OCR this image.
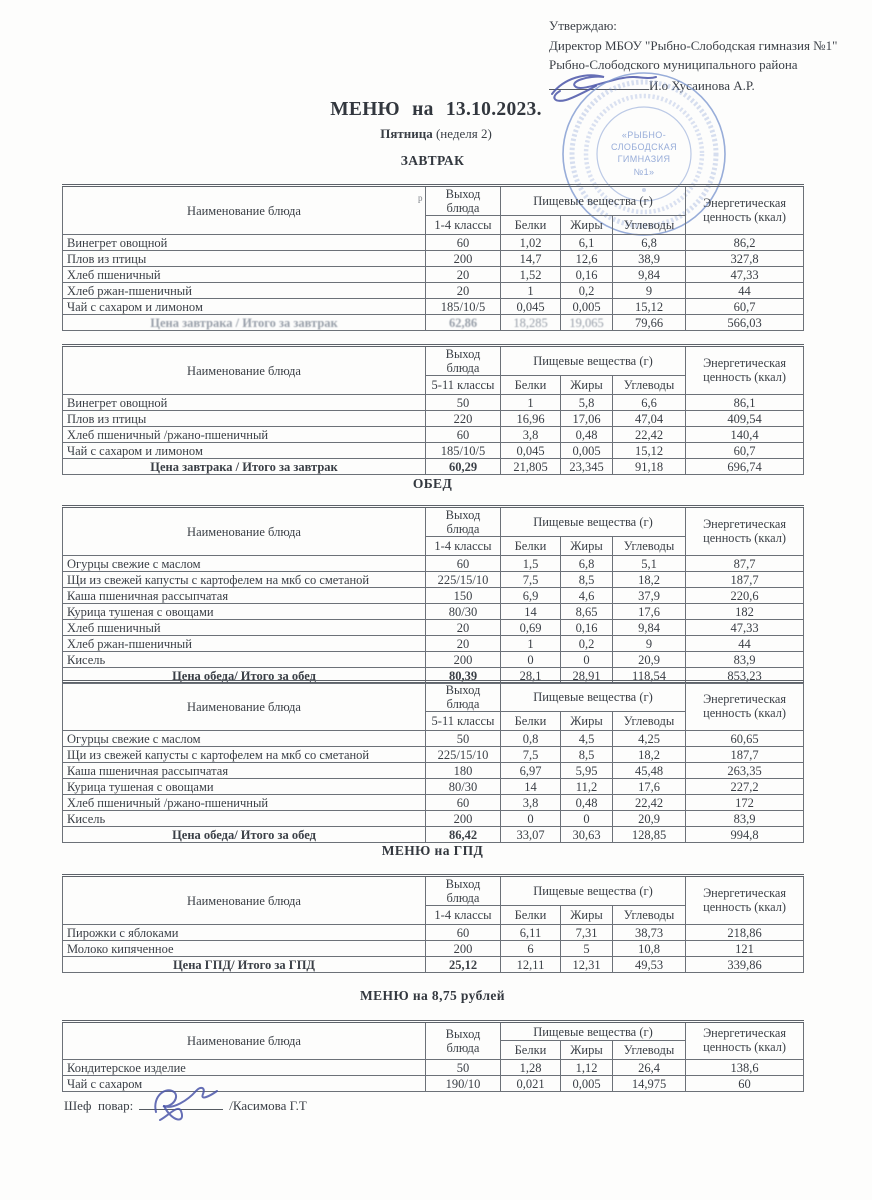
Утверждаю:
Директор МБОУ "Рыбно-Слободская гимназия №1"
Рыбно-Слободского муниципального района
И.о Хусаинова А.Р.
«РЫБНО-
СЛОБОДСКАЯ
ГИМНАЗИЯ
№1»
МЕНЮ на 13.10.2023.
Пятница (неделя 2)
р
ЗАВТРАК
Наименование блюда	Выход блюда	Пищевые вещества (г)			Энергетическая ценность (ккал)
	1-4 классы	Белки	Жиры	Углеводы	
Винегрет овощной	60	1,02	6,1	6,8	86,2
Плов из птицы	200	14,7	12,6	38,9	327,8
Хлеб пшеничный	20	1,52	0,16	9,84	47,33
Хлеб ржан-пшеничный	20	1	0,2	9	44
Чай с сахаром и лимоном	185/10/5	0,045	0,005	15,12	60,7
Цена завтрака / Итого за завтрак	62,86	18,285	19,065	79,66	566,03
Наименование блюда	Выход блюда	Пищевые вещества (г)			Энергетическая ценность (ккал)
	5-11 классы	Белки	Жиры	Углеводы	
Винегрет овощной	50	1	5,8	6,6	86,1
Плов из птицы	220	16,96	17,06	47,04	409,54
Хлеб пшеничный /ржано-пшеничный	60	3,8	0,48	22,42	140,4
Чай с сахаром и лимоном	185/10/5	0,045	0,005	15,12	60,7
Цена завтрака / Итого за завтрак	60,29	21,805	23,345	91,18	696,74
ОБЕД
Наименование блюда	Выход блюда	Пищевые вещества (г)			Энергетическая ценность (ккал)
	1-4 классы	Белки	Жиры	Углеводы	
Огурцы свежие с маслом	60	1,5	6,8	5,1	87,7
Щи из свежей капусты с картофелем на мкб со сметаной	225/15/10	7,5	8,5	18,2	187,7
Каша пшеничная рассыпчатая	150	6,9	4,6	37,9	220,6
Курица тушеная с овощами	80/30	14	8,65	17,6	182
Хлеб пшеничный	20	0,69	0,16	9,84	47,33
Хлеб ржан-пшеничный	20	1	0,2	9	44
Кисель	200	0	0	20,9	83,9
Цена обеда/ Итого за обед	80,39	28,1	28,91	118,54	853,23
Наименование блюда	Выход блюда	Пищевые вещества (г)			Энергетическая ценность (ккал)
	5-11 классы	Белки	Жиры	Углеводы	
Огурцы свежие с маслом	50	0,8	4,5	4,25	60,65
Щи из свежей капусты с картофелем на мкб со сметаной	225/15/10	7,5	8,5	18,2	187,7
Каша пшеничная рассыпчатая	180	6,97	5,95	45,48	263,35
Курица тушеная с овощами	80/30	14	11,2	17,6	227,2
Хлеб пшеничный /ржано-пшеничный	60	3,8	0,48	22,42	172
Кисель	200	0	0	20,9	83,9
Цена обеда/ Итого за обед	86,42	33,07	30,63	128,85	994,8
МЕНЮ на ГПД
Наименование блюда	Выход блюда	Пищевые вещества (г)			Энергетическая ценность (ккал)
	1-4 классы	Белки	Жиры	Углеводы	
Пирожки с яблоками	60	6,11	7,31	38,73	218,86
Молоко кипяченное	200	6	5	10,8	121
Цена ГПД/ Итого за ГПД	25,12	12,11	12,31	49,53	339,86
МЕНЮ на 8,75 рублей
Наименование блюда	Выход блюда	Пищевые вещества (г)			Энергетическая ценность (ккал)
		Белки	Жиры	Углеводы	
Кондитерское изделие	50	1,28	1,12	26,4	138,6
Чай с сахаром	190/10	0,021	0,005	14,975	60
Шеф  повар:	/Касимова Г.Т
